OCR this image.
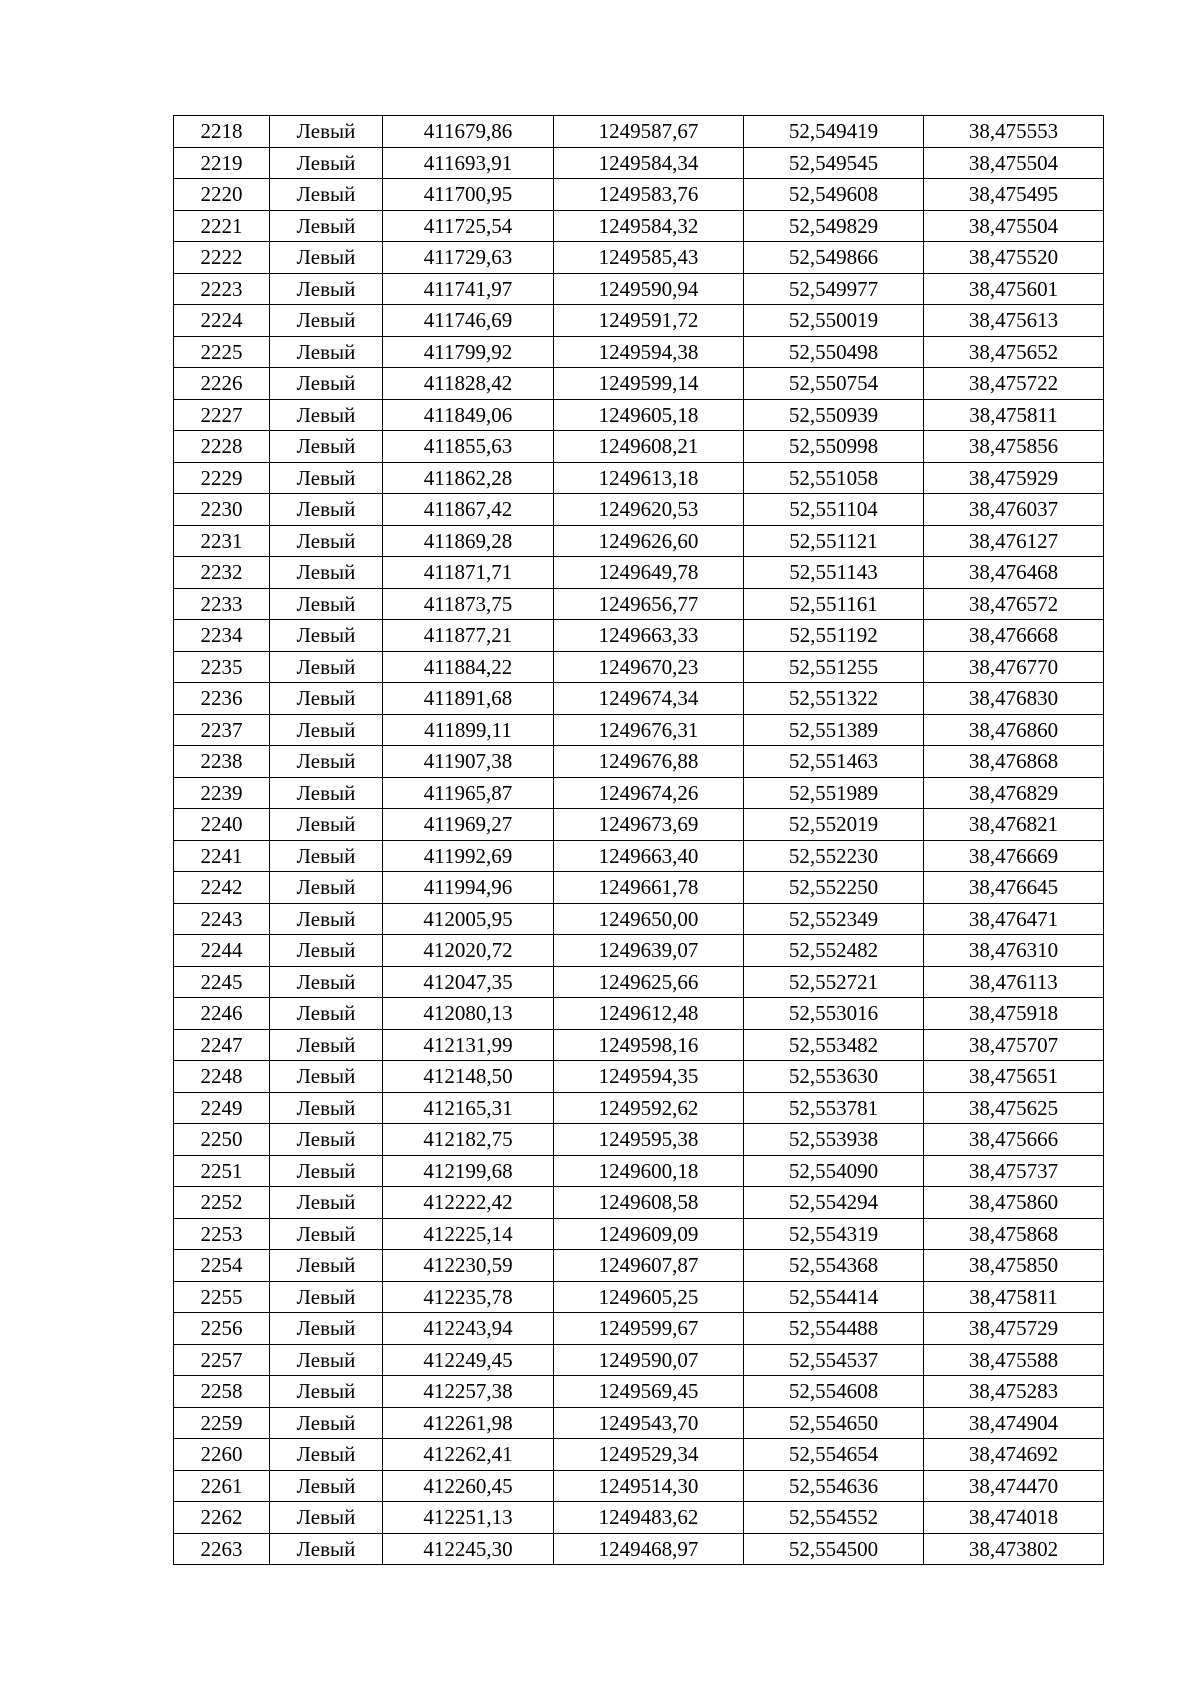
2218	Левый	411679,86	1249587,67	52,549419	38,475553
2219	Левый	411693,91	1249584,34	52,549545	38,475504
2220	Левый	411700,95	1249583,76	52,549608	38,475495
2221	Левый	411725,54	1249584,32	52,549829	38,475504
2222	Левый	411729,63	1249585,43	52,549866	38,475520
2223	Левый	411741,97	1249590,94	52,549977	38,475601
2224	Левый	411746,69	1249591,72	52,550019	38,475613
2225	Левый	411799,92	1249594,38	52,550498	38,475652
2226	Левый	411828,42	1249599,14	52,550754	38,475722
2227	Левый	411849,06	1249605,18	52,550939	38,475811
2228	Левый	411855,63	1249608,21	52,550998	38,475856
2229	Левый	411862,28	1249613,18	52,551058	38,475929
2230	Левый	411867,42	1249620,53	52,551104	38,476037
2231	Левый	411869,28	1249626,60	52,551121	38,476127
2232	Левый	411871,71	1249649,78	52,551143	38,476468
2233	Левый	411873,75	1249656,77	52,551161	38,476572
2234	Левый	411877,21	1249663,33	52,551192	38,476668
2235	Левый	411884,22	1249670,23	52,551255	38,476770
2236	Левый	411891,68	1249674,34	52,551322	38,476830
2237	Левый	411899,11	1249676,31	52,551389	38,476860
2238	Левый	411907,38	1249676,88	52,551463	38,476868
2239	Левый	411965,87	1249674,26	52,551989	38,476829
2240	Левый	411969,27	1249673,69	52,552019	38,476821
2241	Левый	411992,69	1249663,40	52,552230	38,476669
2242	Левый	411994,96	1249661,78	52,552250	38,476645
2243	Левый	412005,95	1249650,00	52,552349	38,476471
2244	Левый	412020,72	1249639,07	52,552482	38,476310
2245	Левый	412047,35	1249625,66	52,552721	38,476113
2246	Левый	412080,13	1249612,48	52,553016	38,475918
2247	Левый	412131,99	1249598,16	52,553482	38,475707
2248	Левый	412148,50	1249594,35	52,553630	38,475651
2249	Левый	412165,31	1249592,62	52,553781	38,475625
2250	Левый	412182,75	1249595,38	52,553938	38,475666
2251	Левый	412199,68	1249600,18	52,554090	38,475737
2252	Левый	412222,42	1249608,58	52,554294	38,475860
2253	Левый	412225,14	1249609,09	52,554319	38,475868
2254	Левый	412230,59	1249607,87	52,554368	38,475850
2255	Левый	412235,78	1249605,25	52,554414	38,475811
2256	Левый	412243,94	1249599,67	52,554488	38,475729
2257	Левый	412249,45	1249590,07	52,554537	38,475588
2258	Левый	412257,38	1249569,45	52,554608	38,475283
2259	Левый	412261,98	1249543,70	52,554650	38,474904
2260	Левый	412262,41	1249529,34	52,554654	38,474692
2261	Левый	412260,45	1249514,30	52,554636	38,474470
2262	Левый	412251,13	1249483,62	52,554552	38,474018
2263	Левый	412245,30	1249468,97	52,554500	38,473802
